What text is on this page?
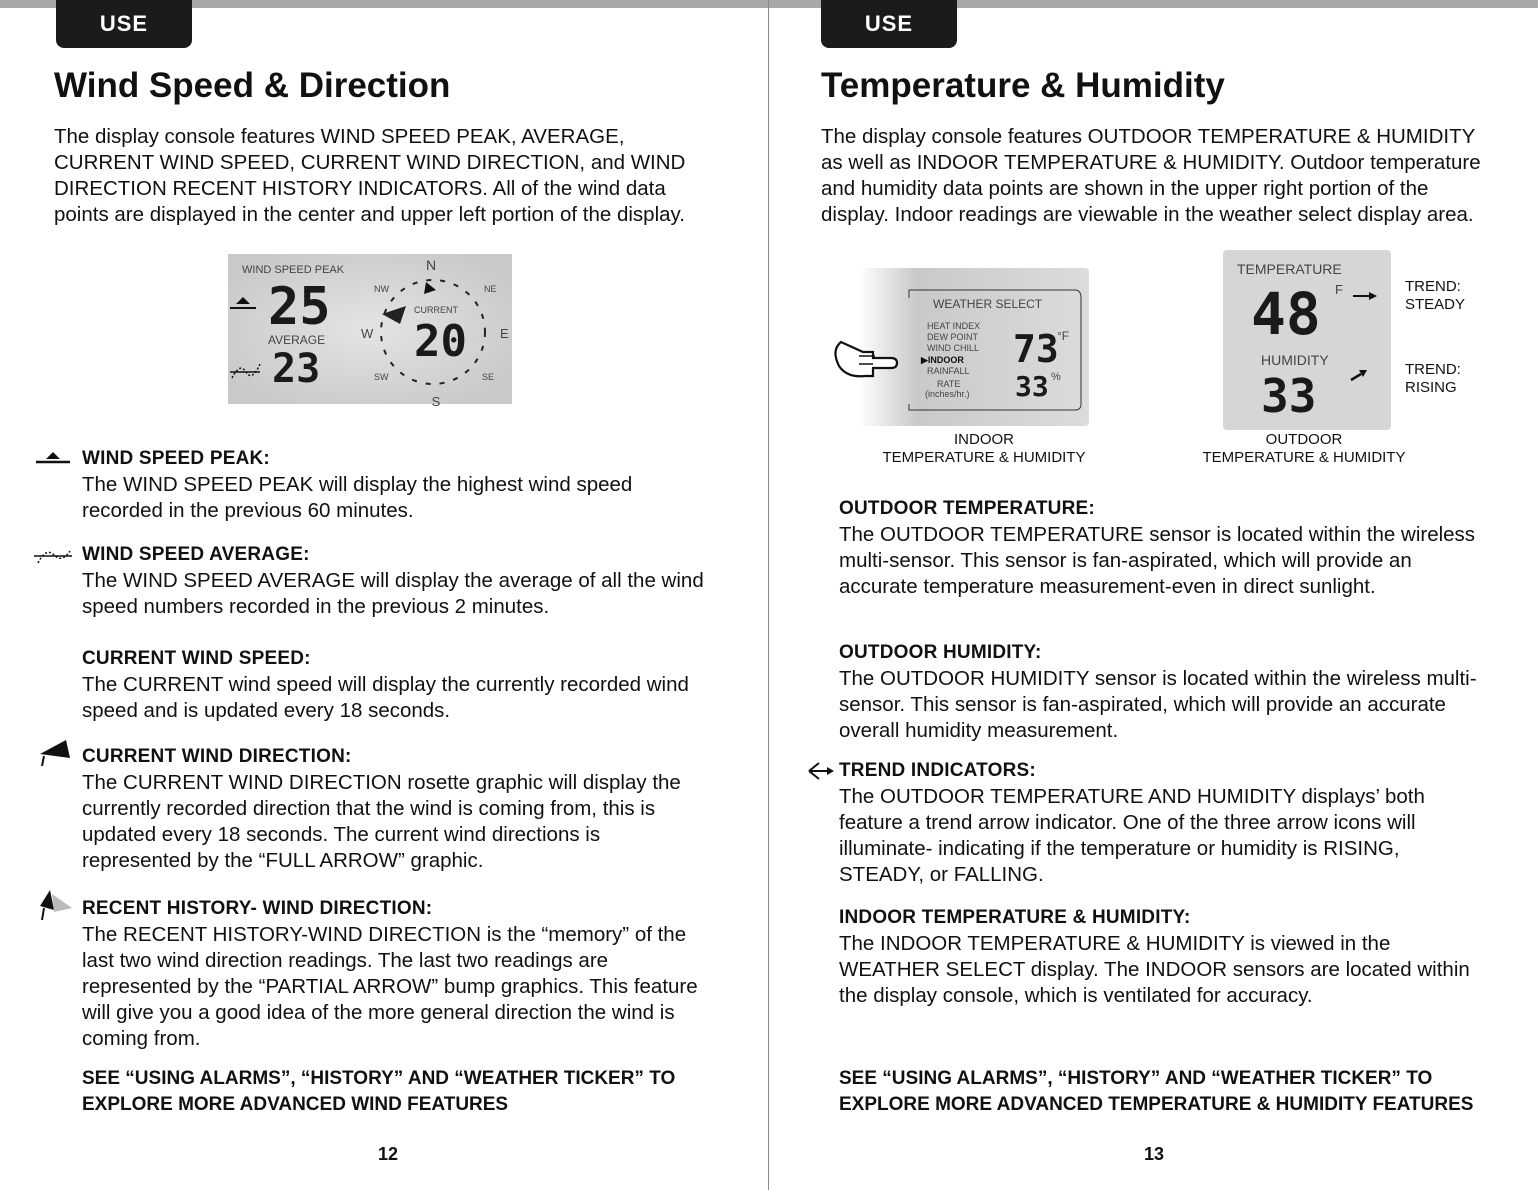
USE
Wind Speed & Direction

The display console features WIND SPEED PEAK, AVERAGE, CURRENT WIND SPEED, CURRENT WIND DIRECTION, and WIND DIRECTION RECENT HISTORY INDICATORS. All of the wind data points are displayed in the center and upper left portion of the display.

WIND SPEED PEAK
25
AVERAGE
23
N
NE
E
SE
S
SW
W
NW
CURRENT
20
WIND SPEED PEAK:
The WIND SPEED PEAK will display the highest wind speed recorded in the previous 60 minutes.
WIND SPEED AVERAGE:
The WIND SPEED AVERAGE will display the average of all the wind speed numbers recorded in the previous 2 minutes.
CURRENT WIND SPEED:
The CURRENT wind speed will display the currently recorded wind speed and is updated every 18 seconds.
CURRENT WIND DIRECTION:
The CURRENT WIND DIRECTION rosette graphic will display the currently recorded direction that the wind is coming from, this is updated every 18 seconds. The current wind directions is represented by the “FULL ARROW” graphic.
RECENT HISTORY- WIND DIRECTION:
The RECENT HISTORY-WIND DIRECTION is the “memory” of the last two wind direction readings. The last two readings are represented by the “PARTIAL ARROW” bump graphics. This feature will give you a good idea of the more general direction the wind is coming from.
SEE “USING ALARMS”, “HISTORY” AND “WEATHER TICKER” TO EXPLORE MORE ADVANCED WIND FEATURES
12
USE
Temperature & Humidity

The display console features OUTDOOR TEMPERATURE & HUMIDITY as well as INDOOR TEMPERATURE & HUMIDITY. Outdoor temperature and humidity data points are shown in the upper right portion of the display. Indoor readings are viewable in the weather select display area.

WEATHER SELECT
HEAT INDEX
DEW POINT
WIND CHILL
▶INDOOR
RAINFALL
RATE
(inches/hr.)
73
°F
33 %
INDOOR
TEMPERATURE & HUMIDITY
TEMPERATURE
48 F
HUMIDITY
33
OUTDOOR
TEMPERATURE & HUMIDITY
TREND:
STEADY
TREND:
RISING
OUTDOOR TEMPERATURE:
The OUTDOOR TEMPERATURE sensor is located within the wireless multi-sensor. This sensor is fan-aspirated, which will provide an accurate temperature measurement-even in direct sunlight.
OUTDOOR HUMIDITY:
The OUTDOOR HUMIDITY sensor is located within the wireless multi-sensor. This sensor is fan-aspirated, which will provide an accurate overall humidity measurement.
TREND INDICATORS:
The OUTDOOR TEMPERATURE AND HUMIDITY displays’ both feature a trend arrow indicator. One of the three arrow icons will illuminate- indicating if the temperature or humidity is RISING, STEADY, or FALLING.
INDOOR TEMPERATURE & HUMIDITY:
The INDOOR TEMPERATURE & HUMIDITY is viewed in the WEATHER SELECT display. The INDOOR sensors are located within the display console, which is ventilated for accuracy.
SEE “USING ALARMS”, “HISTORY” AND “WEATHER TICKER” TO EXPLORE MORE ADVANCED TEMPERATURE & HUMIDITY FEATURES
13
